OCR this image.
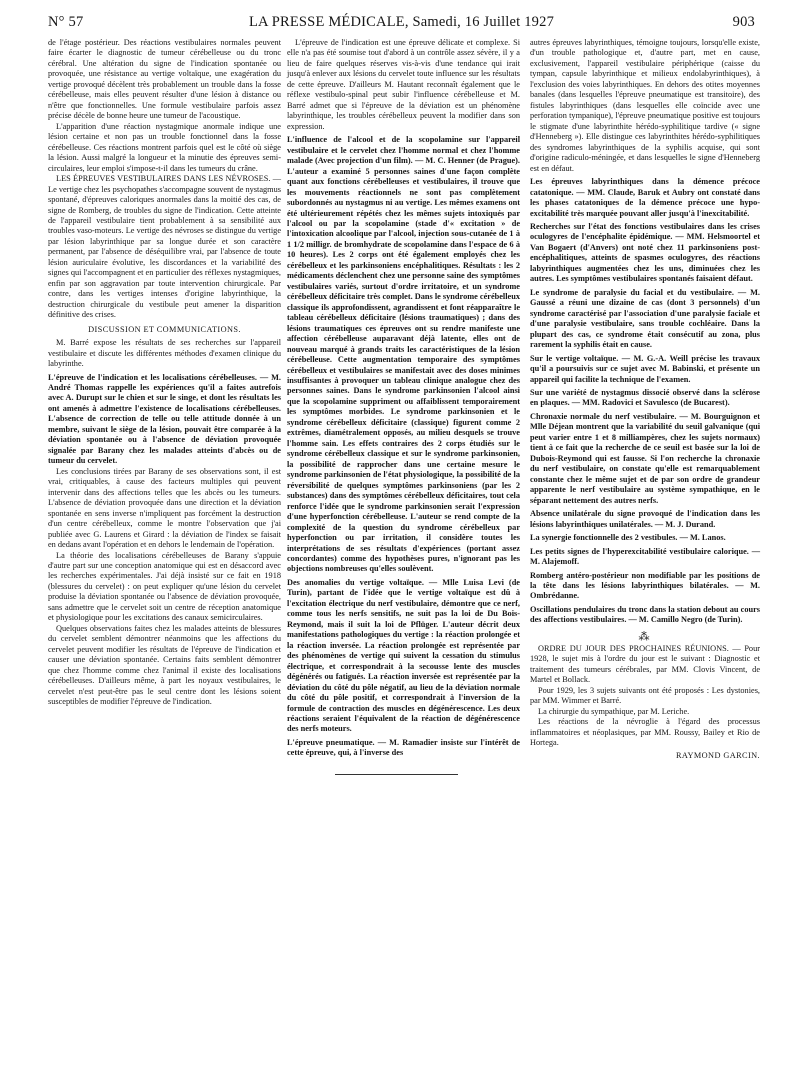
N° 57	LA PRESSE MÉDICALE, Samedi, 16 Juillet 1927	903

de l'étage postérieur. Des réactions vestibulaires normales peuvent faire écarter le diagnostic de tumeur cérébelleuse ou du tronc cérébral. Une altération du signe de l'indication spontanée ou provoquée, une résistance au vertige voltaïque, une exagération du vertige provoqué décèlent très probablement un trouble dans la fosse cérébelleuse, mais elles peuvent résulter d'une lésion à distance ou n'être que fonctionnelles. Une formule vestibulaire parfois assez précise décèle de bonne heure une tumeur de l'acoustique.

L'apparition d'une réaction nystagmique anormale indique une lésion certaine et non pas un trouble fonctionnel dans la fosse cérébelleuse. Ces réactions montrent parfois quel est le côté où siège la lésion. Aussi malgré la longueur et la minutie des épreuves semi-circulaires, leur emploi s'impose-t-il dans les tumeurs du crâne.

LES ÉPREUVES VESTIBULAIRES DANS LES NÉVROSES. — Le vertige chez les psychopathes s'accompagne souvent de nystagmus spontané, d'épreuves caloriques anormales dans la moitié des cas, de signe de Romberg, de troubles du signe de l'indication. Cette atteinte de l'appareil vestibulaire tient probablement à sa sensibilité aux troubles vaso-moteurs. Le vertige des névroses se distingue du vertige par lésion labyrinthique par sa longue durée et son caractère permanent, par l'absence de déséquilibre vrai, par l'absence de toute lésion auriculaire évolutive, les discordances et la variabilité des signes qui l'accompagnent et en particulier des réflexes nystagmiques, enfin par son aggravation par toute intervention chirurgicale. Par contre, dans les vertiges intenses d'origine labyrinthique, la destruction chirurgicale du vestibule peut amener la disparition définitive des crises.

DISCUSSION ET COMMUNICATIONS.

M. Barré expose les résultats de ses recherches sur l'appareil vestibulaire et discute les différentes méthodes d'examen clinique du labyrinthe.

L'épreuve de l'indication et les localisations cérébelleuses. — M. André Thomas rappelle les expériences qu'il a faites autrefois avec A. Durupt sur le chien et sur le singe, et dont les résultats les ont amenés à admettre l'existence de localisations cérébelleuses. L'absence de correction de telle ou telle attitude donnée à un membre, suivant le siège de la lésion, pouvait être comparée à la déviation spontanée ou à l'absence de déviation provoquée signalée par Barany chez les malades atteints d'abcès ou de tumeur du cervelet.

Les conclusions tirées par Barany de ses observations sont, il est vrai, critiquables, à cause des facteurs multiples qui peuvent intervenir dans des affections telles que les abcès ou les tumeurs. L'absence de déviation provoquée dans une direction et la déviation spontanée en sens inverse n'impliquent pas forcément la destruction d'un centre cérébelleux, comme le montre l'observation que j'ai publiée avec G. Laurens et Girard : la déviation de l'index se faisait en dedans avant l'opération et en dehors le lendemain de l'opération.

La théorie des localisations cérébelleuses de Barany s'appuie d'autre part sur une conception anatomique qui est en désaccord avec les recherches expérimentales. J'ai déjà insisté sur ce fait en 1918 (blessures du cervelet) : on peut expliquer qu'une lésion du cervelet produise la déviation spontanée ou l'absence de déviation provoquée, sans admettre que le cervelet soit un centre de réception anatomique et physiologique pour les excitations des canaux semicirculaires.

Quelques observations faites chez les malades atteints de blessures du cervelet semblent démontrer néanmoins que les affections du cervelet peuvent modifier les résultats de l'épreuve de l'indication et causer une déviation spontanée. Certains faits semblent démontrer que chez l'homme comme chez l'animal il existe des localisations cérébelleuses. D'ailleurs même, à part les noyaux vestibulaires, le cervelet n'est peut-être pas le seul centre dont les lésions soient susceptibles de modifier l'épreuve de l'indication.

L'épreuve de l'indication est une épreuve délicate et complexe. Si elle n'a pas été soumise tout d'abord à un contrôle assez sévère, il y a lieu de faire quelques réserves vis-à-vis d'une tendance qui irait jusqu'à enlever aux lésions du cervelet toute influence sur les résultats de cette épreuve. D'ailleurs M. Hautant reconnaît également que le réflexe vestibulo-spinal peut subir l'influence cérébelleuse et M. Barré admet que si l'épreuve de la déviation est un phénomène labyrinthique, les troubles cérébelleux peuvent la modifier dans son expression.

L'influence de l'alcool et de la scopolamine sur l'appareil vestibulaire et le cervelet chez l'homme normal et chez l'homme malade (Avec projection d'un film). — M. C. Henner (de Prague). L'auteur a examiné 5 personnes saines d'une façon complète quant aux fonctions cérébelleuses et vestibulaires, il trouve que les mouvements réactionnels ne sont pas complètement subordonnés au nystagmus ni au vertige. Les mêmes examens ont été ultérieurement répétés chez les mêmes sujets intoxiqués par l'alcool ou par la scopolamine (stade d'« excitation » de l'intoxication alcoolique par l'alcool, injection sous-cutanée de 1 à 1 1/2 milligr. de bromhydrate de scopolamine dans l'espace de 6 à 10 heures). Les 2 corps ont été également employés chez les cérébelleux et les parkinsoniens encéphalitiques. Résultats : les 2 médicaments déclenchent chez une personne saine des symptômes vestibulaires variés, surtout d'ordre irritatoire, et un syndrome cérébelleux déficitaire très complet. Dans le syndrome cérébelleux classique ils approfondissent, agrandissent et font réapparaître le tableau cérébelleux déficitaire (lésions traumatiques) ; dans des lésions traumatiques ces épreuves ont su rendre manifeste une affection cérébelleuse auparavant déjà latente, elles ont de nouveau marqué à grands traits les caractéristiques de la lésion cérébelleuse. Cette augmentation temporaire des symptômes cérébelleux et vestibulaires se manifestait avec des doses minimes insuffisantes à provoquer un tableau clinique analogue chez des personnes saines. Dans le syndrome parkinsonien l'alcool ainsi que la scopolamine suppriment ou affaiblissent temporairement les symptômes morbides. Le syndrome parkinsonien et le syndrome cérébelleux déficitaire (classique) figurent comme 2 extrêmes, diamétralement opposés, au milieu desquels se trouve l'homme sain. Les effets contraires des 2 corps étudiés sur le syndrome cérébelleux classique et sur le syndrome parkinsonien, la possibilité de rapprocher dans une certaine mesure le syndrome parkinsonien de l'état physiologique, la possibilité de la réversibilité de quelques symptômes parkinsoniens (par les 2 substances) dans des symptômes cérébelleux déficitaires, tout cela renforce l'idée que le syndrome parkinsonien serait l'expression d'une hyperfonction cérébelleuse. L'auteur se rend compte de la complexité de la question du syndrome cérébelleux par hyperfonction ou par irritation, il considère toutes les interprétations de ses résultats d'expériences (portant assez concordantes) comme des hypothèses pures, n'ignorant pas les objections nombreuses qu'elles soulèvent.

Des anomalies du vertige voltaïque. — Mlle Luisa Levi (de Turin), partant de l'idée que le vertige voltaïque est dû à l'excitation électrique du nerf vestibulaire, démontre que ce nerf, comme tous les nerfs sensitifs, ne suit pas la loi de Du Bois-Reymond, mais il suit la loi de Pflüger. L'auteur décrit deux manifestations pathologiques du vertige : la réaction prolongée et la réaction inversée. La réaction prolongée est représentée par des phénomènes de vertige qui suivent la cessation du stimulus électrique, et correspondrait à la secousse lente des muscles dégénérés ou fatigués. La réaction inversée est représentée par la déviation du côté du pôle négatif, au lieu de la déviation normale du côté du pôle positif, et correspondrait à l'inversion de la formule de contraction des muscles en dégénérescence. Les deux réactions seraient l'équivalent de la réaction de dégénérescence des nerfs moteurs.

L'épreuve pneumatique. — M. Ramadier insiste sur l'intérêt de cette épreuve, qui, à l'inverse des

autres épreuves labyrinthiques, témoigne toujours, lorsqu'elle existe, d'un trouble pathologique et, d'autre part, met en cause, exclusivement, l'appareil vestibulaire périphérique (caisse du tympan, capsule labyrinthique et milieux endolabyrinthiques), à l'exclusion des voies labyrinthiques. En dehors des otites moyennes banales (dans lesquelles l'épreuve pneumatique est transitoire), des fistules labyrinthiques (dans lesquelles elle coïncide avec une perforation tympanique), l'épreuve pneumatique positive est toujours le stigmate d'une labyrinthite hérédo-syphilitique tardive (« signe d'Henneberg »). Elle distingue ces labyrinthites hérédo-syphilitiques des syndromes labyrinthiques de la syphilis acquise, qui sont d'origine radiculo-méningée, et dans lesquelles le signe d'Henneberg est en défaut.

Les épreuves labyrinthiques dans la démence précoce catatonique. — MM. Claude, Baruk et Aubry ont constaté dans les phases catatoniques de la démence précoce une hypo-excitabilité très marquée pouvant aller jusqu'à l'inexcitabilité.

Recherches sur l'état des fonctions vestibulaires dans les crises oculogyres de l'encéphalite épidémique. — MM. Helsmoortel et Van Bogaert (d'Anvers) ont noté chez 11 parkinsoniens post-encéphalitiques, atteints de spasmes oculogyres, des réactions labyrinthiques augmentées chez les uns, diminuées chez les autres. Les symptômes vestibulaires spontanés faisaient défaut.

Le syndrome de paralysie du facial et du vestibulaire. — M. Gaussé a réuni une dizaine de cas (dont 3 personnels) d'un syndrome caractérisé par l'association d'une paralysie faciale et d'une paralysie vestibulaire, sans trouble cochléaire. Dans la plupart des cas, ce syndrome était consécutif au zona, plus rarement la syphilis était en cause.

Sur le vertige voltaïque. — M. G.-A. Weill précise les travaux qu'il a poursuivis sur ce sujet avec M. Babinski, et présente un appareil qui facilite la technique de l'examen.

Sur une variété de nystagmus dissocié observé dans la sclérose en plaques. — MM. Radovici et Savulesco (de Bucarest).

Chronaxie normale du nerf vestibulaire. — M. Bourguignon et Mlle Déjean montrent que la variabilité du seuil galvanique (qui peut varier entre 1 et 8 milliampères, chez les sujets normaux) tient à ce fait que la recherche de ce seuil est basée sur la loi de Dubois-Reymond qui est fausse. Si l'on recherche la chronaxie du nerf vestibulaire, on constate qu'elle est remarquablement constante chez le même sujet et de par son ordre de grandeur apparente le nerf vestibulaire au système sympathique, en le séparant nettement des autres nerfs.

Absence unilatérale du signe provoqué de l'indication dans les lésions labyrinthiques unilatérales. — M. J. Durand.

La synergie fonctionnelle des 2 vestibules. — M. Lanos.

Les petits signes de l'hyperexcitabilité vestibulaire calorique. — M. Alajemoff.

Romberg antéro-postérieur non modifiable par les positions de la tête dans les lésions labyrinthiques bilatérales. — M. Ombrédanne.

Oscillations pendulaires du tronc dans la station debout au cours des affections vestibulaires. — M. Camillo Negro (de Turin).

⁂

ORDRE DU JOUR DES PROCHAINES RÉUNIONS. — Pour 1928, le sujet mis à l'ordre du jour est le suivant : Diagnostic et traitement des tumeurs cérébrales, par MM. Clovis Vincent, de Martel et Bollack.

Pour 1929, les 3 sujets suivants ont été proposés : Les dystonies, par MM. Wimmer et Barré.

La chirurgie du sympathique, par M. Leriche.

Les réactions de la névroglie à l'égard des processus inflammatoires et néoplasiques, par MM. Roussy, Bailey et Rio de Hortega.

RAYMOND GARCIN.
